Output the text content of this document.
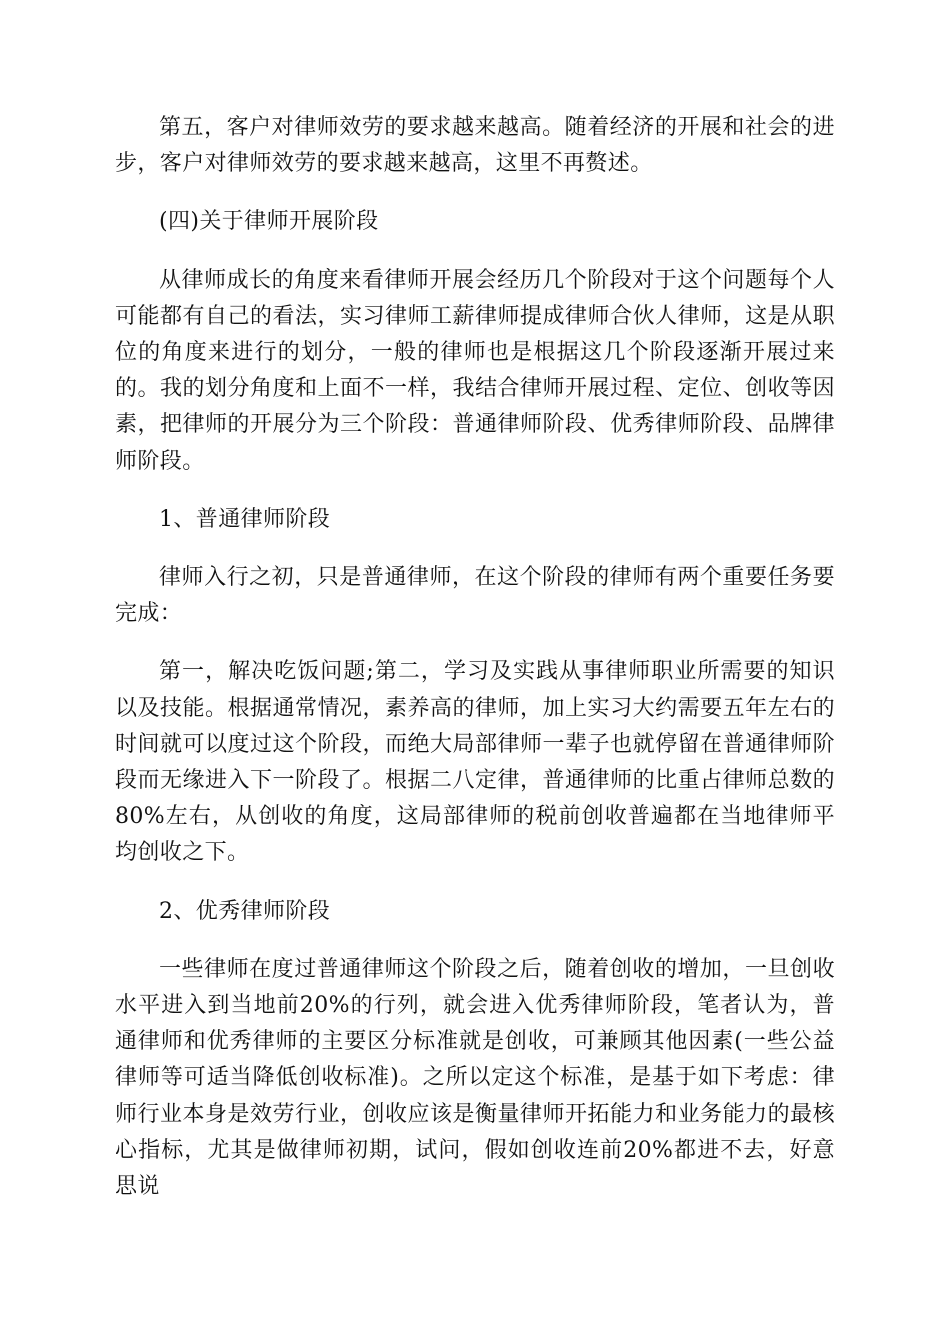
第五，客户对律师效劳的要求越来越高。随着经济的开展和社会的进步，客户对律师效劳的要求越来越高，这里不再赘述。

(四)关于律师开展阶段

从律师成长的角度来看律师开展会经历几个阶段对于这个问题每个人可能都有自己的看法，实习律师工薪律师提成律师合伙人律师，这是从职位的角度来进行的划分，一般的律师也是根据这几个阶段逐渐开展过来的。我的划分角度和上面不一样，我结合律师开展过程、定位、创收等因素，把律师的开展分为三个阶段：普通律师阶段、优秀律师阶段、品牌律师阶段。

1、普通律师阶段

律师入行之初，只是普通律师，在这个阶段的律师有两个重要任务要完成：

第一，解决吃饭问题;第二，学习及实践从事律师职业所需要的知识以及技能。根据通常情况，素养高的律师，加上实习大约需要五年左右的时间就可以度过这个阶段，而绝大局部律师一辈子也就停留在普通律师阶段而无缘进入下一阶段了。根据二八定律，普通律师的比重占律师总数的80%左右，从创收的角度，这局部律师的税前创收普遍都在当地律师平均创收之下。

2、优秀律师阶段

一些律师在度过普通律师这个阶段之后，随着创收的增加，一旦创收水平进入到当地前20%的行列，就会进入优秀律师阶段，笔者认为，普通律师和优秀律师的主要区分标准就是创收，可兼顾其他因素(一些公益律师等可适当降低创收标准)。之所以定这个标准，是基于如下考虑：律师行业本身是效劳行业，创收应该是衡量律师开拓能力和业务能力的最核心指标，尤其是做律师初期，试问，假如创收连前20%都进不去，好意思说
